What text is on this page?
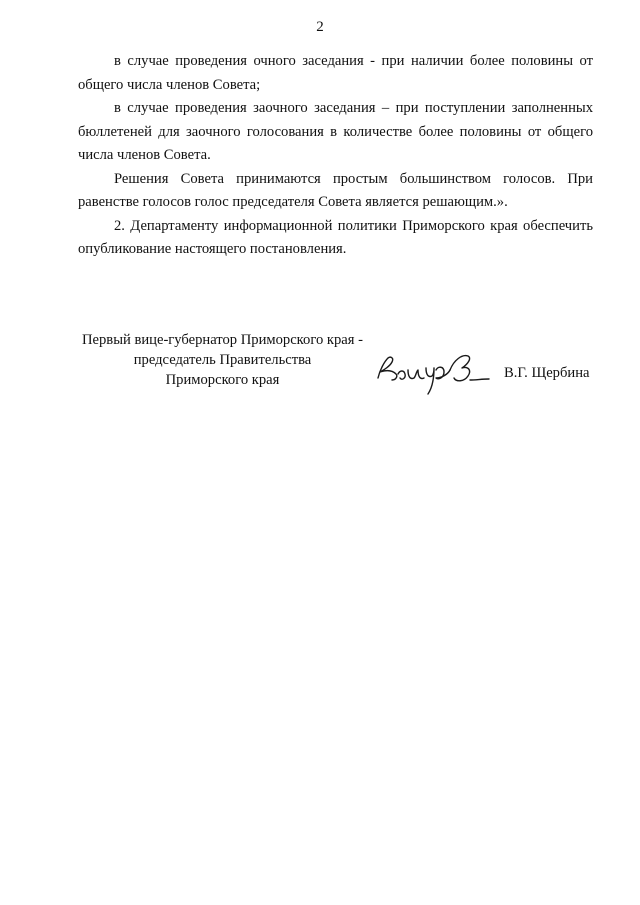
2

в случае проведения очного заседания - при наличии более половины от общего числа членов Совета;

в случае проведения заочного заседания – при поступлении заполненных бюллетеней для заочного голосования в количестве более половины от общего числа членов Совета.

Решения Совета принимаются простым большинством голосов. При равенстве голосов голос председателя Совета является решающим.».

2. Департаменту информационной политики Приморского края обеспечить опубликование настоящего постановления.

Первый вице-губернатор Приморского края -
председатель Правительства
Приморского края	В.Г. Щербина
